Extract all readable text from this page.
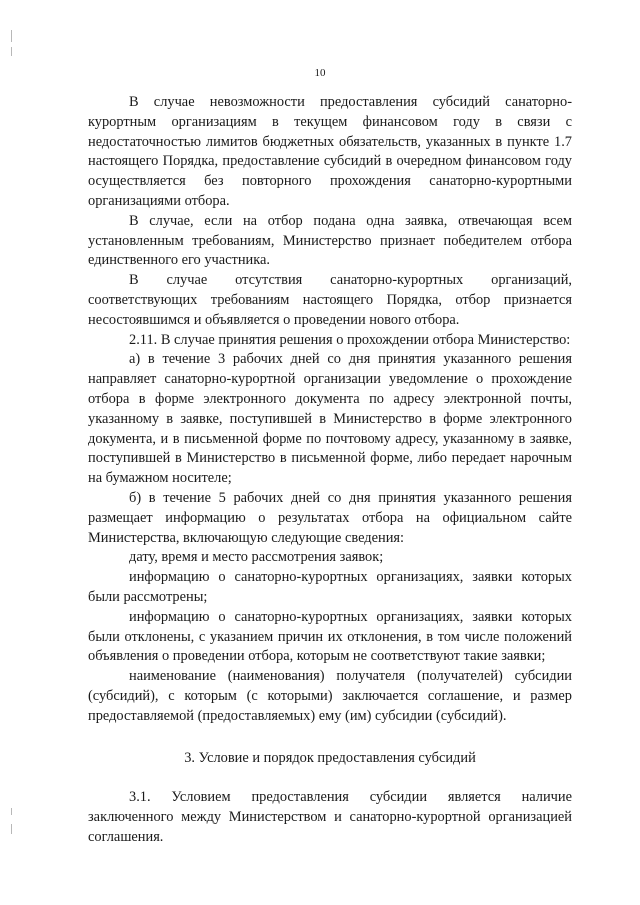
10

В случае невозможности предоставления субсидий санаторно-курортным организациям в текущем финансовом году в связи с недостаточностью лимитов бюджетных обязательств, указанных в пункте 1.7 настоящего Порядка, предоставление субсидий в очередном финансовом году осуществляется без повторного прохождения санаторно-курортными организациями отбора.

В случае, если на отбор подана одна заявка, отвечающая всем установленным требованиям, Министерство признает победителем отбора единственного его участника.

В случае отсутствия санаторно-курортных организаций, соответствующих требованиям настоящего Порядка, отбор признается несостоявшимся и объявляется о проведении нового отбора.

2.11. В случае принятия решения о прохождении отбора Министерство:

а) в течение 3 рабочих дней со дня принятия указанного решения направляет санаторно-курортной организации уведомление о прохождение отбора в форме электронного документа по адресу электронной почты, указанному в заявке, поступившей в Министерство в форме электронного документа, и в письменной форме по почтовому адресу, указанному в заявке, поступившей в Министерство в письменной форме, либо передает нарочным на бумажном носителе;

б) в течение 5 рабочих дней со дня принятия указанного решения размещает информацию о результатах отбора на официальном сайте Министерства, включающую следующие сведения:

дату, время и место рассмотрения заявок;

информацию о санаторно-курортных организациях, заявки которых были рассмотрены;

информацию о санаторно-курортных организациях, заявки которых были отклонены, с указанием причин их отклонения, в том числе положений объявления о проведении отбора, которым не соответствуют такие заявки;

наименование (наименования) получателя (получателей) субсидии (субсидий), с которым (с которыми) заключается соглашение, и размер предоставляемой (предоставляемых) ему (им) субсидии (субсидий).

3. Условие и порядок предоставления субсидий

3.1. Условием предоставления субсидии является наличие заключенного между Министерством и санаторно-курортной организацией соглашения.
